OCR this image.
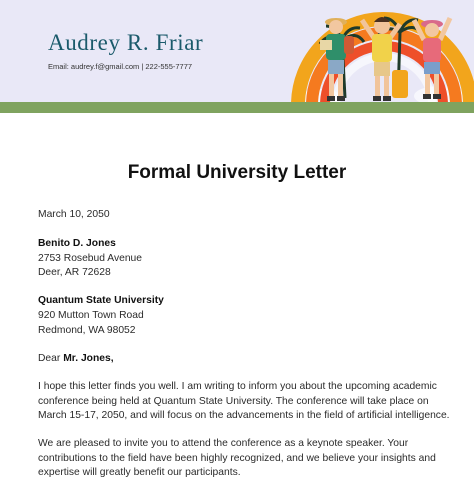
Audrey R. Friar
Email: audrey.f@gmail.com | 222-555-7777
Formal University Letter
March 10, 2050
Benito D. Jones
2753 Rosebud Avenue
Deer, AR 72628
Quantum State University
920 Mutton Town Road
Redmond, WA 98052
Dear Mr. Jones,
I hope this letter finds you well. I am writing to inform you about the upcoming academic
conference being held at Quantum State University. The conference will take place on
March 15-17, 2050, and will focus on the advancements in the field of artificial intelligence.
We are pleased to invite you to attend the conference as a keynote speaker. Your
contributions to the field have been highly recognized, and we believe your insights and
expertise will greatly benefit our participants.
